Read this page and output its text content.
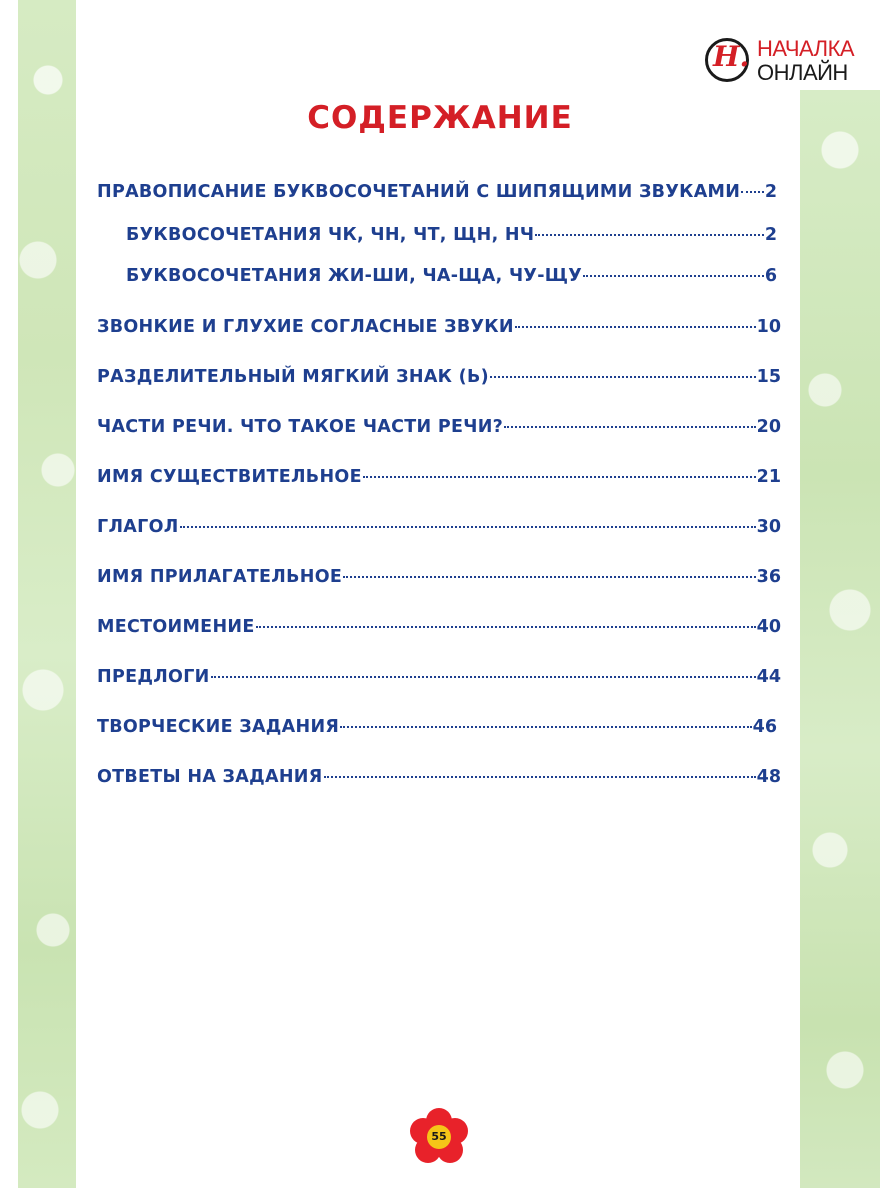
Н. НАЧАЛКА
ОНЛАЙН
СОДЕРЖАНИЕ
ПРАВОПИСАНИЕ БУКВОСОЧЕТАНИЙ С ШИПЯЩИМИ ЗВУКАМИ 2
БУКВОСОЧЕТАНИЯ ЧК, ЧН, ЧТ, ЩН, НЧ	2
БУКВОСОЧЕТАНИЯ ЖИ-ШИ, ЧА-ЩА, ЧУ-ЩУ	6
ЗВОНКИЕ И ГЛУХИЕ СОГЛАСНЫЕ ЗВУКИ	10
РАЗДЕЛИТЕЛЬНЫЙ МЯГКИЙ ЗНАК (Ь)	15
ЧАСТИ РЕЧИ. ЧТО ТАКОЕ ЧАСТИ РЕЧИ?	20
ИМЯ СУЩЕСТВИТЕЛЬНОЕ	21
ГЛАГОЛ	30
ИМЯ ПРИЛАГАТЕЛЬНОЕ	36
МЕСТОИМЕНИЕ	40
ПРЕДЛОГИ	44
ТВОРЧЕСКИЕ ЗАДАНИЯ	46
ОТВЕТЫ НА ЗАДАНИЯ	48
55
